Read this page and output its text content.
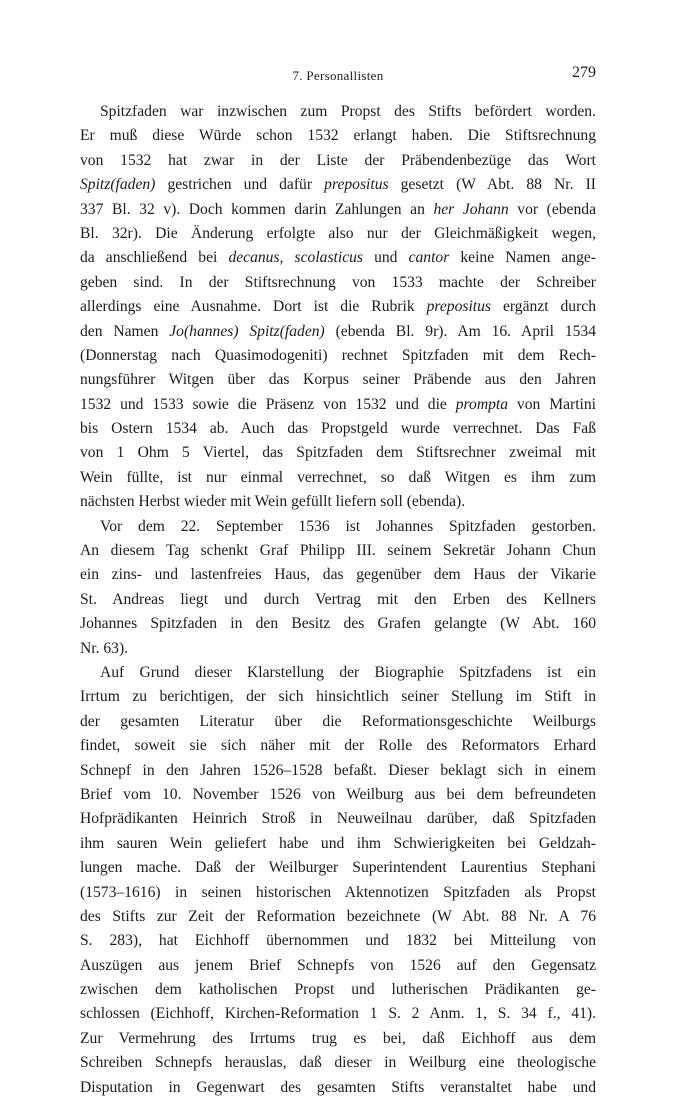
7. Personallisten	279
Spitzfaden war inzwischen zum Propst des Stifts befördert worden.
Er muß diese Würde schon 1532 erlangt haben. Die Stiftsrechnung
von 1532 hat zwar in der Liste der Präbendenbezüge das Wort
Spitz(faden) gestrichen und dafür prepositus gesetzt (W Abt. 88 Nr. II
337 Bl. 32 v). Doch kommen darin Zahlungen an her Johann vor (ebenda
Bl. 32r). Die Änderung erfolgte also nur der Gleichmäßigkeit wegen,
da anschließend bei decanus, scolasticus und cantor keine Namen ange-
geben sind. In der Stiftsrechnung von 1533 machte der Schreiber
allerdings eine Ausnahme. Dort ist die Rubrik prepositus ergänzt durch
den Namen Jo(hannes) Spitz(faden) (ebenda Bl. 9r). Am 16. April 1534
(Donnerstag nach Quasimodogeniti) rechnet Spitzfaden mit dem Rech-
nungsführer Witgen über das Korpus seiner Präbende aus den Jahren
1532 und 1533 sowie die Präsenz von 1532 und die prompta von Martini
bis Ostern 1534 ab. Auch das Propstgeld wurde verrechnet. Das Faß
von 1 Ohm 5 Viertel, das Spitzfaden dem Stiftsrechner zweimal mit
Wein füllte, ist nur einmal verrechnet, so daß Witgen es ihm zum
nächsten Herbst wieder mit Wein gefüllt liefern soll (ebenda).
Vor dem 22. September 1536 ist Johannes Spitzfaden gestorben.
An diesem Tag schenkt Graf Philipp III. seinem Sekretär Johann Chun
ein zins- und lastenfreies Haus, das gegenüber dem Haus der Vikarie
St. Andreas liegt und durch Vertrag mit den Erben des Kellners
Johannes Spitzfaden in den Besitz des Grafen gelangte (W Abt. 160
Nr. 63).
Auf Grund dieser Klarstellung der Biographie Spitzfadens ist ein
Irrtum zu berichtigen, der sich hinsichtlich seiner Stellung im Stift in
der gesamten Literatur über die Reformationsgeschichte Weilburgs
findet, soweit sie sich näher mit der Rolle des Reformators Erhard
Schnepf in den Jahren 1526–1528 befaßt. Dieser beklagt sich in einem
Brief vom 10. November 1526 von Weilburg aus bei dem befreundeten
Hofprädikanten Heinrich Stroß in Neuweilnau darüber, daß Spitzfaden
ihm sauren Wein geliefert habe und ihm Schwierigkeiten bei Geldzah-
lungen mache. Daß der Weilburger Superintendent Laurentius Stephani
(1573–1616) in seinen historischen Aktennotizen Spitzfaden als Propst
des Stifts zur Zeit der Reformation bezeichnete (W Abt. 88 Nr. A 76
S. 283), hat Eichhoff übernommen und 1832 bei Mitteilung von
Auszügen aus jenem Brief Schnepfs von 1526 auf den Gegensatz
zwischen dem katholischen Propst und lutherischen Prädikanten ge-
schlossen (Eichhoff, Kirchen-Reformation 1 S. 2 Anm. 1, S. 34 f., 41).
Zur Vermehrung des Irrtums trug es bei, daß Eichhoff aus dem
Schreiben Schnepfs herauslas, daß dieser in Weilburg eine theologische
Disputation in Gegenwart des gesamten Stifts veranstaltet habe und
